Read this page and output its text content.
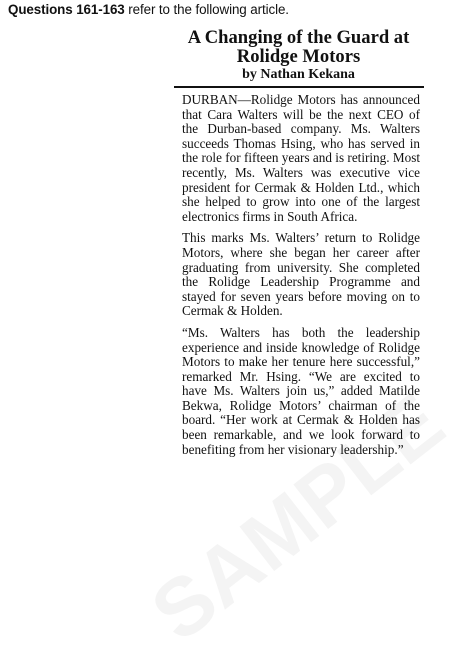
Questions 161-163 refer to the following article.
A Changing of the Guard at Rolidge Motors
by Nathan Kekana

DURBAN—Rolidge Motors has announced that Cara Walters will be the next CEO of the Durban-based company. Ms. Walters succeeds Thomas Hsing, who has served in the role for fifteen years and is retiring. Most recently, Ms. Walters was executive vice president for Cermak & Holden Ltd., which she helped to grow into one of the largest electronics firms in South Africa.

This marks Ms. Walters’ return to Rolidge Motors, where she began her career after graduating from university. She completed the Rolidge Leadership Programme and stayed for seven years before moving on to Cermak & Holden.

“Ms. Walters has both the leadership experience and inside knowledge of Rolidge Motors to make her tenure here successful,” remarked Mr. Hsing. “We are excited to have Ms. Walters join us,” added Matilde Bekwa, Rolidge Motors’ chairman of the board. “Her work at Cermak & Holden has been remarkable, and we look forward to benefiting from her visionary leadership.”
